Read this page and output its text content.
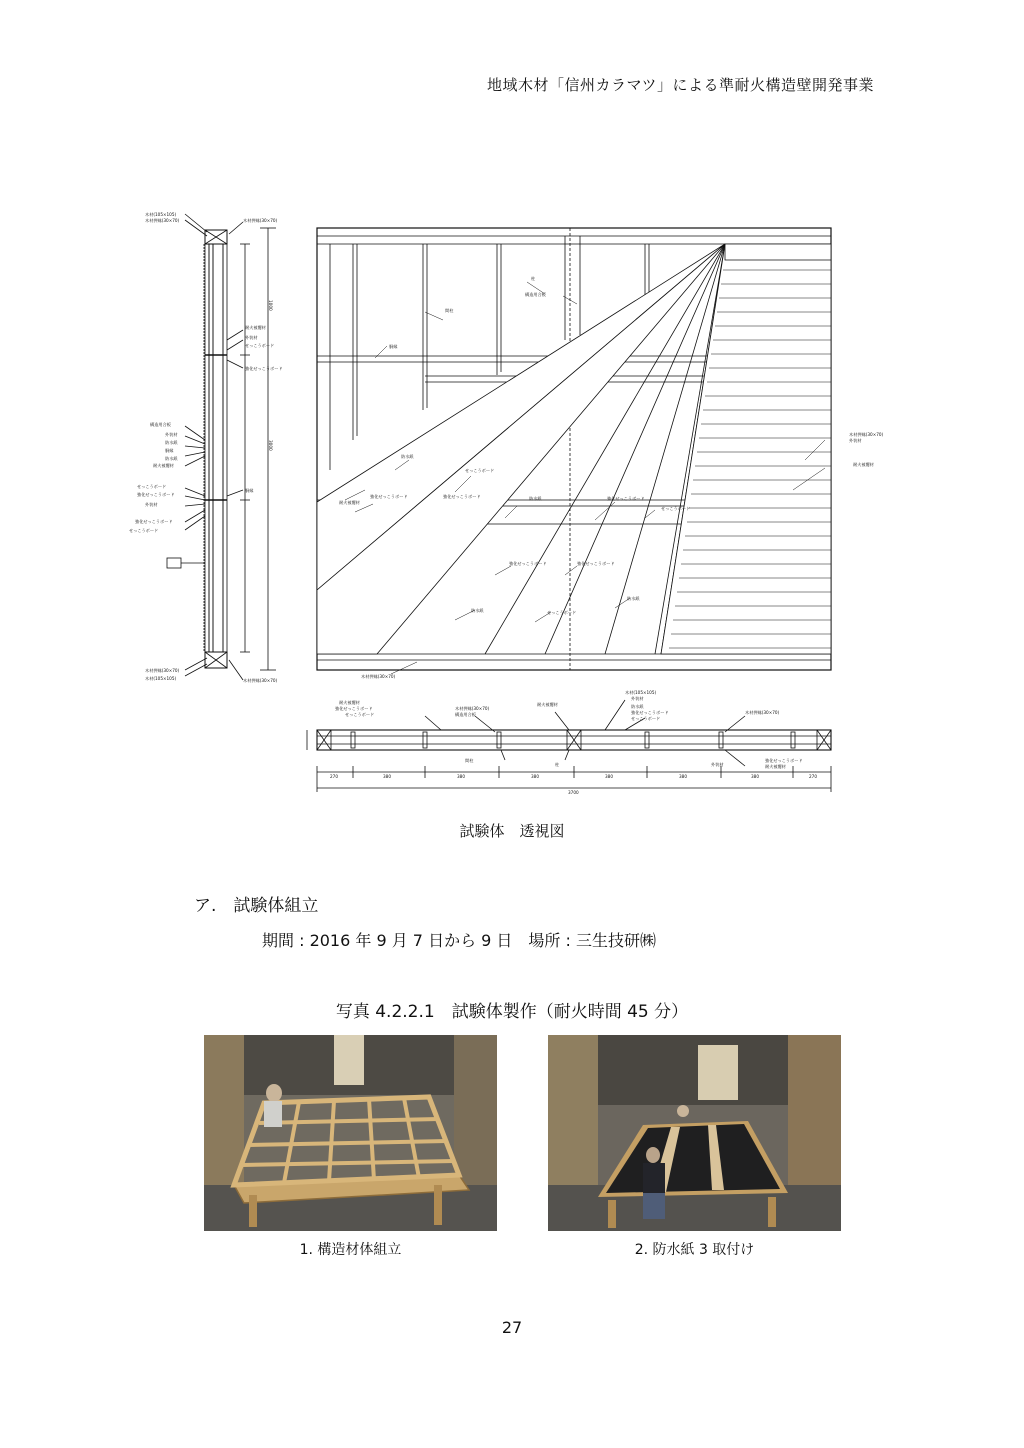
地域木材「信州カラマツ」による準耐火構造壁開発事業
木材(105×105)
木材押縁(30×70)	木材押縁(30×70)
耐火被覆材
外装材
せっこうボード
強化せっこうボード
胴縁
構造用合板
外装材
防水紙
胴縁
防水紙
耐火被覆材
せっこうボード
強化せっこうボード
外装材
強化せっこうボード
せっこうボード
木材押縁(30×70)
木材(105×105)	木材押縁(30×70)
1000
3000
間柱
胴縁
柱
構造用合板
木材押縁(30×70)
外装材
耐火被覆材
耐火被覆材
強化せっこうボード
防水紙
強化せっこうボード
せっこうボード
防水紙	強化せっこうボード
せっこうボード
強化せっこうボード	強化せっこうボード
防水紙	せっこうボード
防水紙
木材押縁(30×70)
耐火被覆材
強化せっこうボード
せっこうボード
木材押縁(30×70)
構造用合板
耐火被覆材
木材(105×105)
外装材
防水紙
強化せっこうボード
せっこうボード
木材押縁(30×70)
強化せっこうボード
耐火被覆材
間柱
柱	外装材
270	380	380	380	380	380	380	270
3700
試験体　透視図
ア.　試験体組立
期間 : 2016 年 9 月 7 日から 9 日　場所 : 三生技研㈱
写真 4.2.2.1　試験体製作（耐火時間 45 分）
1. 構造材体組立	2. 防水紙 3 取付け
27
